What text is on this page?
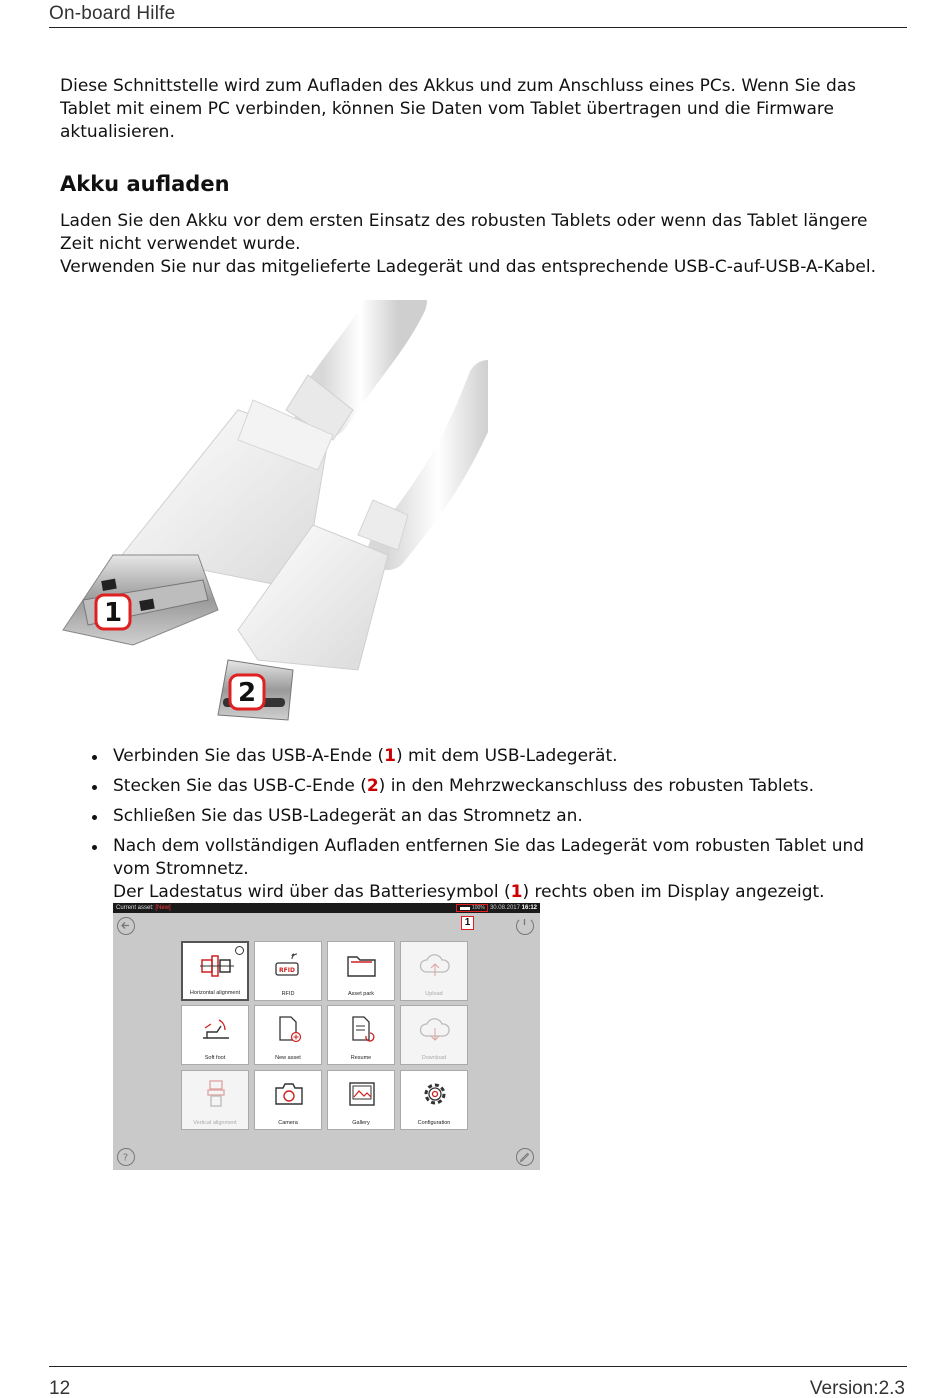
On-board Hilfe

Diese Schnittstelle wird zum Aufladen des Akkus und zum Anschluss eines PCs. Wenn Sie das Tablet mit einem PC verbinden, können Sie Daten vom Tablet übertragen und die Firmware aktualisieren.

Akku aufladen
Laden Sie den Akku vor dem ersten Einsatz des robusten Tablets oder wenn das Tablet längere Zeit nicht verwendet wurde.
Verwenden Sie nur das mitgelieferte Ladegerät und das entsprechende USB-C-auf-USB-A-Kabel.
1
2
Verbinden Sie das USB-A-Ende (1) mit dem USB-Ladegerät.
Stecken Sie das USB-C-Ende (2) in den Mehrzweckanschluss des robusten Tablets.
Schließen Sie das USB-Ladegerät an das Stromnetz an.
Nach dem vollständigen Aufladen entfernen Sie das Ladegerät vom robusten Tablet und vom Stromnetz.
Der Ladestatus wird über das Batteriesymbol (1) rechts oben im Display angezeigt.
Current asset: [New]	100% 30.08.2017 16:12
1
?
Horizontal alignment
RFID
RFID	Asset park	Upload
Soft foot	New asset	Resume	Download
Vertical alignment	Camera	Gallery	Configuration
12	Version:2.3
